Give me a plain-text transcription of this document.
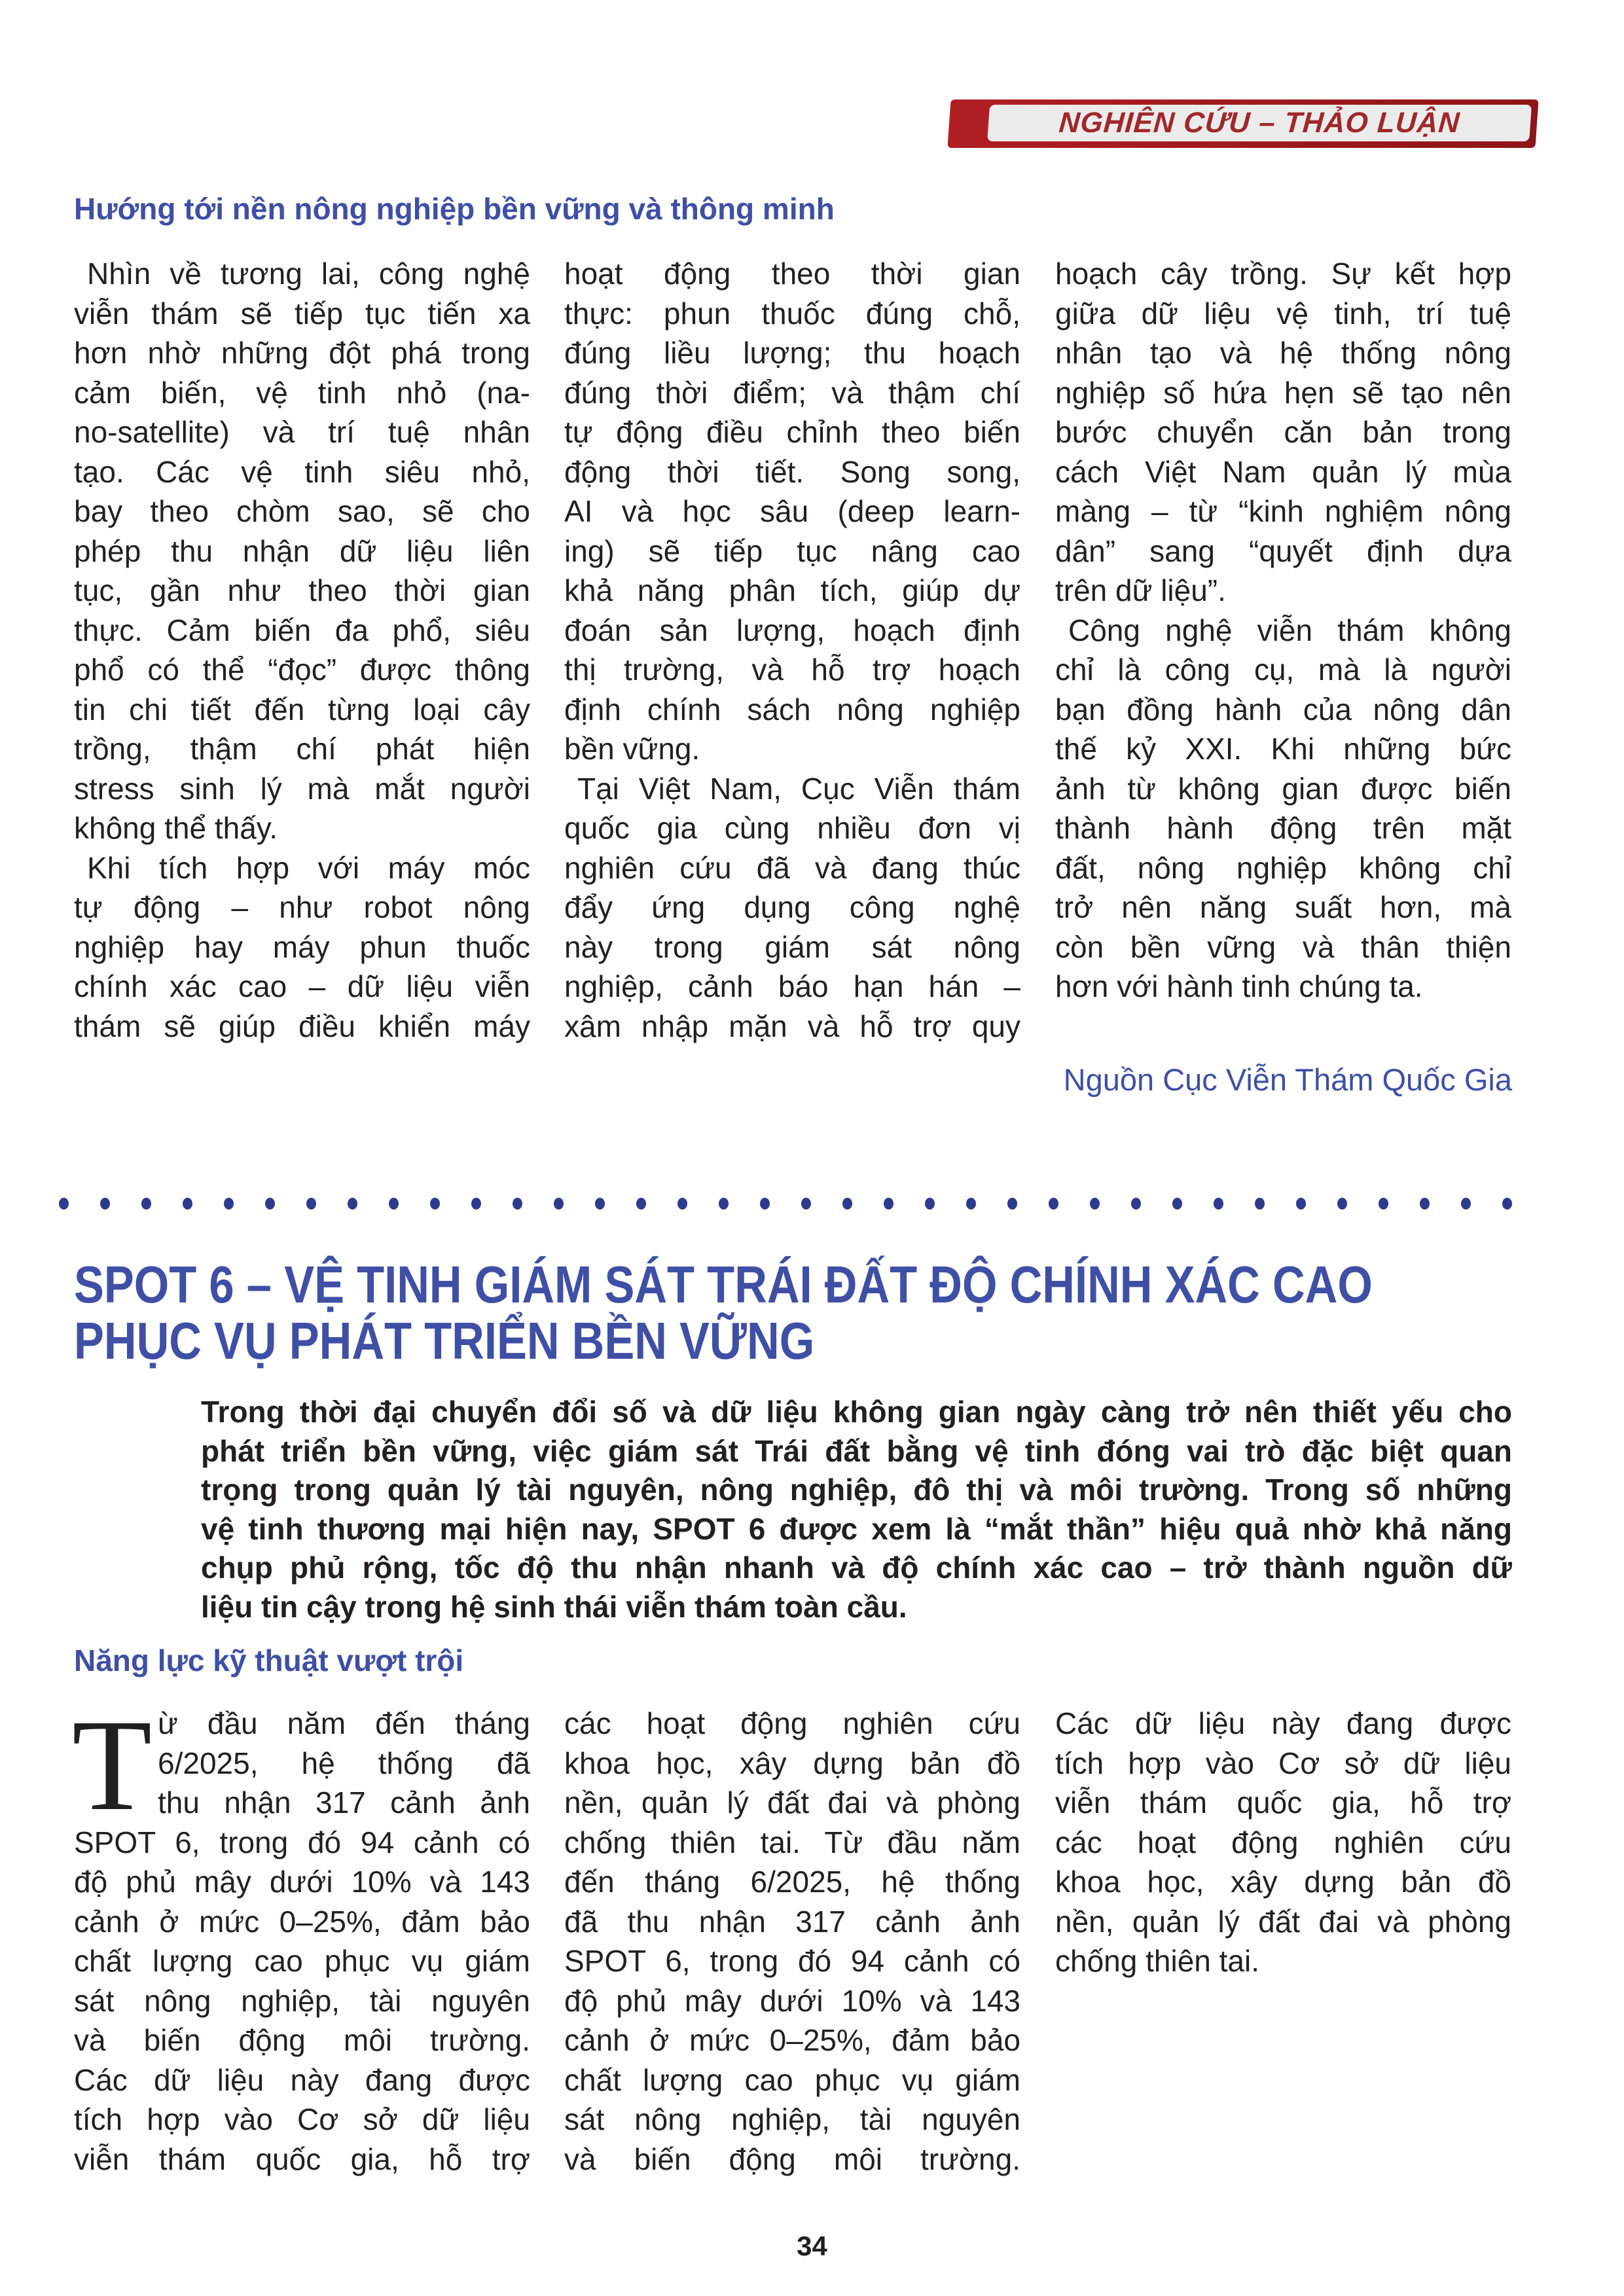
NGHIÊN CỨU – THẢO LUẬN
Hướng tới nền nông nghiệp bền vững và thông minh
Nhìn về tương lai, công nghệ
viễn thám sẽ tiếp tục tiến xa
hơn nhờ những đột phá trong
cảm biến, vệ tinh nhỏ (na-
no-satellite) và trí tuệ nhân
tạo. Các vệ tinh siêu nhỏ,
bay theo chòm sao, sẽ cho
phép thu nhận dữ liệu liên
tục, gần như theo thời gian
thực. Cảm biến đa phổ, siêu
phổ có thể “đọc” được thông
tin chi tiết đến từng loại cây
trồng, thậm chí phát hiện
stress sinh lý mà mắt người
không thể thấy.
Khi tích hợp với máy móc
tự động – như robot nông
nghiệp hay máy phun thuốc
chính xác cao – dữ liệu viễn
thám sẽ giúp điều khiển máy
hoạt động theo thời gian
thực: phun thuốc đúng chỗ,
đúng liều lượng; thu hoạch
đúng thời điểm; và thậm chí
tự động điều chỉnh theo biến
động thời tiết. Song song,
AI và học sâu (deep learn-
ing) sẽ tiếp tục nâng cao
khả năng phân tích, giúp dự
đoán sản lượng, hoạch định
thị trường, và hỗ trợ hoạch
định chính sách nông nghiệp
bền vững.
Tại Việt Nam, Cục Viễn thám
quốc gia cùng nhiều đơn vị
nghiên cứu đã và đang thúc
đẩy ứng dụng công nghệ
này trong giám sát nông
nghiệp, cảnh báo hạn hán –
xâm nhập mặn và hỗ trợ quy
hoạch cây trồng. Sự kết hợp
giữa dữ liệu vệ tinh, trí tuệ
nhân tạo và hệ thống nông
nghiệp số hứa hẹn sẽ tạo nên
bước chuyển căn bản trong
cách Việt Nam quản lý mùa
màng – từ “kinh nghiệm nông
dân” sang “quyết định dựa
trên dữ liệu”.
Công nghệ viễn thám không
chỉ là công cụ, mà là người
bạn đồng hành của nông dân
thế kỷ XXI. Khi những bức
ảnh từ không gian được biến
thành hành động trên mặt
đất, nông nghiệp không chỉ
trở nên năng suất hơn, mà
còn bền vững và thân thiện
hơn với hành tinh chúng ta.
Nguồn Cục Viễn Thám Quốc Gia
SPOT 6 – VỆ TINH GIÁM SÁT TRÁI ĐẤT ĐỘ CHÍNH XÁC CAO
PHỤC VỤ PHÁT TRIỂN BỀN VỮNG
Trong thời đại chuyển đổi số và dữ liệu không gian ngày càng trở nên thiết yếu cho
phát triển bền vững, việc giám sát Trái đất bằng vệ tinh đóng vai trò đặc biệt quan
trọng trong quản lý tài nguyên, nông nghiệp, đô thị và môi trường. Trong số những
vệ tinh thương mại hiện nay, SPOT 6 được xem là “mắt thần” hiệu quả nhờ khả năng
chụp phủ rộng, tốc độ thu nhận nhanh và độ chính xác cao – trở thành nguồn dữ
liệu tin cậy trong hệ sinh thái viễn thám toàn cầu.
Năng lực kỹ thuật vượt trội
T ừ đầu năm đến tháng
6/2025, hệ thống đã
thu nhận 317 cảnh ảnh
SPOT 6, trong đó 94 cảnh có
độ phủ mây dưới 10% và 143
cảnh ở mức 0–25%, đảm bảo
chất lượng cao phục vụ giám
sát nông nghiệp, tài nguyên
và biến động môi trường.
Các dữ liệu này đang được
tích hợp vào Cơ sở dữ liệu
viễn thám quốc gia, hỗ trợ
các hoạt động nghiên cứu
khoa học, xây dựng bản đồ
nền, quản lý đất đai và phòng
chống thiên tai. Từ đầu năm
đến tháng 6/2025, hệ thống
đã thu nhận 317 cảnh ảnh
SPOT 6, trong đó 94 cảnh có
độ phủ mây dưới 10% và 143
cảnh ở mức 0–25%, đảm bảo
chất lượng cao phục vụ giám
sát nông nghiệp, tài nguyên
và biến động môi trường.
Các dữ liệu này đang được
tích hợp vào Cơ sở dữ liệu
viễn thám quốc gia, hỗ trợ
các hoạt động nghiên cứu
khoa học, xây dựng bản đồ
nền, quản lý đất đai và phòng
chống thiên tai.
34
